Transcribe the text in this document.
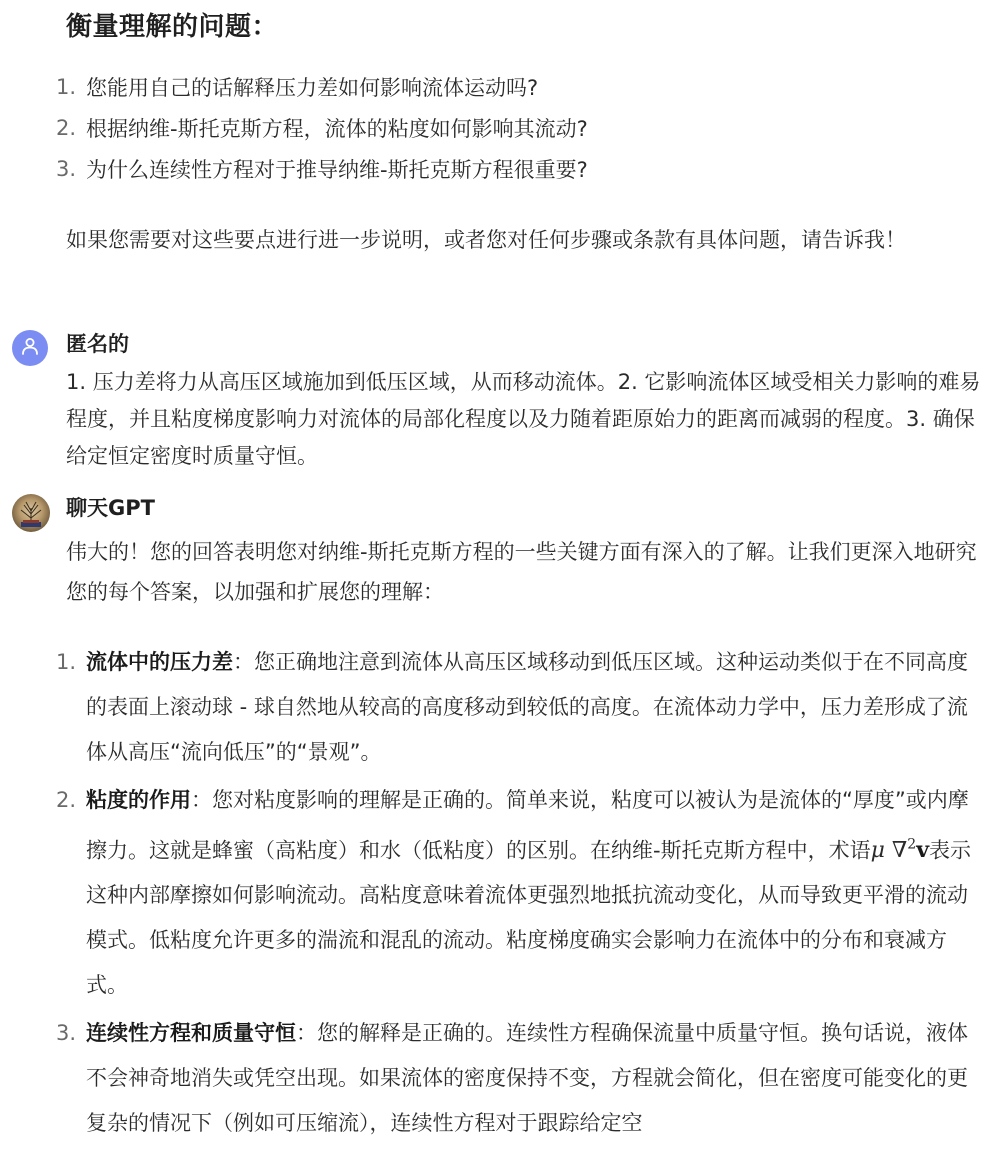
衡量理解的问题：
1. 您能用自己的话解释压力差如何影响流体运动吗?
2. 根据纳维-斯托克斯方程，流体的粘度如何影响其流动?
3. 为什么连续性方程对于推导纳维-斯托克斯方程很重要?
如果您需要对这些要点进行进一步说明，或者您对任何步骤或条款有具体问题，请告诉我！
匿名的
1. 压力差将力从高压区域施加到低压区域，从而移动流体。2. 它影响流体区域受相关力影响的难易程度，并且粘度梯度影响力对流体的局部化程度以及力随着距原始力的距离而减弱的程度。3. 确保给定恒定密度时质量守恒。
聊天GPT
伟大的！您的回答表明您对纳维-斯托克斯方程的一些关键方面有深入的了解。让我们更深入地研究您的每个答案，以加强和扩展您的理解：
1. 流体中的压力差：您正确地注意到流体从高压区域移动到低压区域。这种运动类似于在不同高度的表面上滚动球 - 球自然地从较高的高度移动到较低的高度。在流体动力学中，压力差形成了流体从高压“流向低压”的“景观”。
2. 粘度的作用：您对粘度影响的理解是正确的。简单来说，粘度可以被认为是流体的“厚度”或内摩擦力。这就是蜂蜜（高粘度）和水（低粘度）的区别。在纳维-斯托克斯方程中，术语μ ∇$^2$v表示这种内部摩擦如何影响流动。高粘度意味着流体更强烈地抵抗流动变化，从而导致更平滑的流动模式。低粘度允许更多的湍流和混乱的流动。粘度梯度确实会影响力在流体中的分布和衰减方式。
3. 连续性方程和质量守恒：您的解释是正确的。连续性方程确保流量中质量守恒。换句话说，液体不会神奇地消失或凭空出现。如果流体的密度保持不变，方程就会简化，但在密度可能变化的更复杂的情况下（例如可压缩流），连续性方程对于跟踪给定空
